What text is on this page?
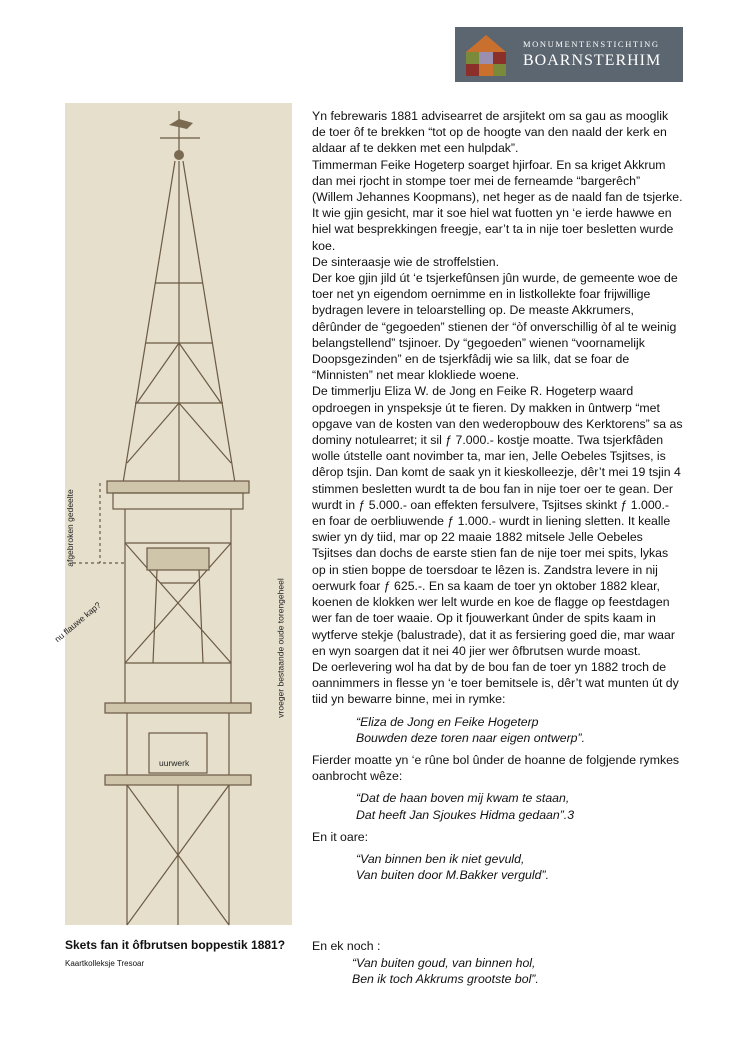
MONUMENTENSTICHTING
BOARNSTERHIM
afgebroken gedeelte
nu flauwe kap?	vroeger bestaande oude torengeheel
uurwerk
Skets fan it ôfbrutsen boppestik 1881?
Kaartkolleksje Tresoar

Yn febrewaris 1881 advisearret de arsjitekt om sa gau as mooglik de toer ôf te brekken “tot op de hoogte van den naald der kerk en aldaar af te dekken met een hulpdak”.

Timmerman Feike Hogeterp soarget hjirfoar. En sa kriget Akkrum dan mei rjocht in stompe toer mei de ferneamde “bargerêch” (Willem Jehannes Koopmans), net heger as de naald fan de tsjerke. It wie gjin gesicht, mar it soe hiel wat fuotten yn ‘e ierde hawwe en hiel wat besprekkingen freegje, ear’t ta in nije toer besletten wurde koe.

De sinteraasje wie de stroffelstien.

Der koe gjin jild út ‘e tsjerkefûnsen jûn wurde, de gemeente woe de toer net yn eigendom oernimme en in listkollekte foar frijwillige bydragen levere in teloarstelling op. De measte Akkrumers, dêrûnder de “gegoeden” stienen der “òf onverschillig òf al te weinig belangstellend” tsjinoer. Dy “gegoeden” wienen “voornamelijk Doopsgezinden” en de tsjerkfâdij wie sa lilk, dat se foar de “Minnisten” net mear klokliede woene.

De timmerlju Eliza W. de Jong en Feike R. Hogeterp waard opdroegen in ynspeksje út te fieren. Dy makken in ûntwerp “met opgave van de kosten van den wederopbouw des Kerktorens” sa as dominy notulearret; it sil ƒ 7.000.- kostje moatte. Twa tsjerkfâden wolle útstelle oant novimber ta, mar ien, Jelle Oebeles Tsjitses, is dêrop tsjin. Dan komt de saak yn it kieskolleezje, dêr’t mei 19 tsjin 4 stimmen besletten wurdt ta de bou fan in nije toer oer te gean. Der wurdt in ƒ 5.000.- oan effekten fersulvere, Tsjitses skinkt ƒ 1.000.- en foar de oerbliuwende ƒ 1.000.- wurdt in liening sletten. It kealle swier yn dy tiid, mar op 22 maaie 1882 mitsele Jelle Oebeles Tsjitses dan dochs de earste stien fan de nije toer mei spits, lykas op in stien boppe de toersdoar te lêzen is. Zandstra levere in nij oerwurk foar ƒ 625.-. En sa kaam de toer yn oktober 1882 klear, koenen de klokken wer lelt wurde en koe de flagge op feestdagen wer fan de toer waaie. Op it fjouwerkant ûnder de spits kaam in wytferve stekje (balustrade), dat it as fersiering goed die, mar waar en wyn soargen dat it nei 40 jier wer ôfbrutsen wurde moast.

De oerlevering wol ha dat by de bou fan de toer yn 1882 troch de oannimmers in flesse yn ‘e toer bemitsele is, dêr’t wat munten út dy tiid yn bewarre binne, mei in rymke:

“Eliza de Jong en Feike Hogeterp
Bouwden deze toren naar eigen ontwerp”.

Fierder moatte yn ‘e rûne bol ûnder de hoanne de folgjende rymkes oanbrocht wêze:

“Dat de haan boven mij kwam te staan,
Dat heeft Jan Sjoukes Hidma gedaan”.3

En it oare:

“Van binnen ben ik niet gevuld,
Van buiten door M.Bakker verguld”.
En ek noch :
“Van buiten goud, van binnen hol,
Ben ik toch Akkrums grootste bol”.
